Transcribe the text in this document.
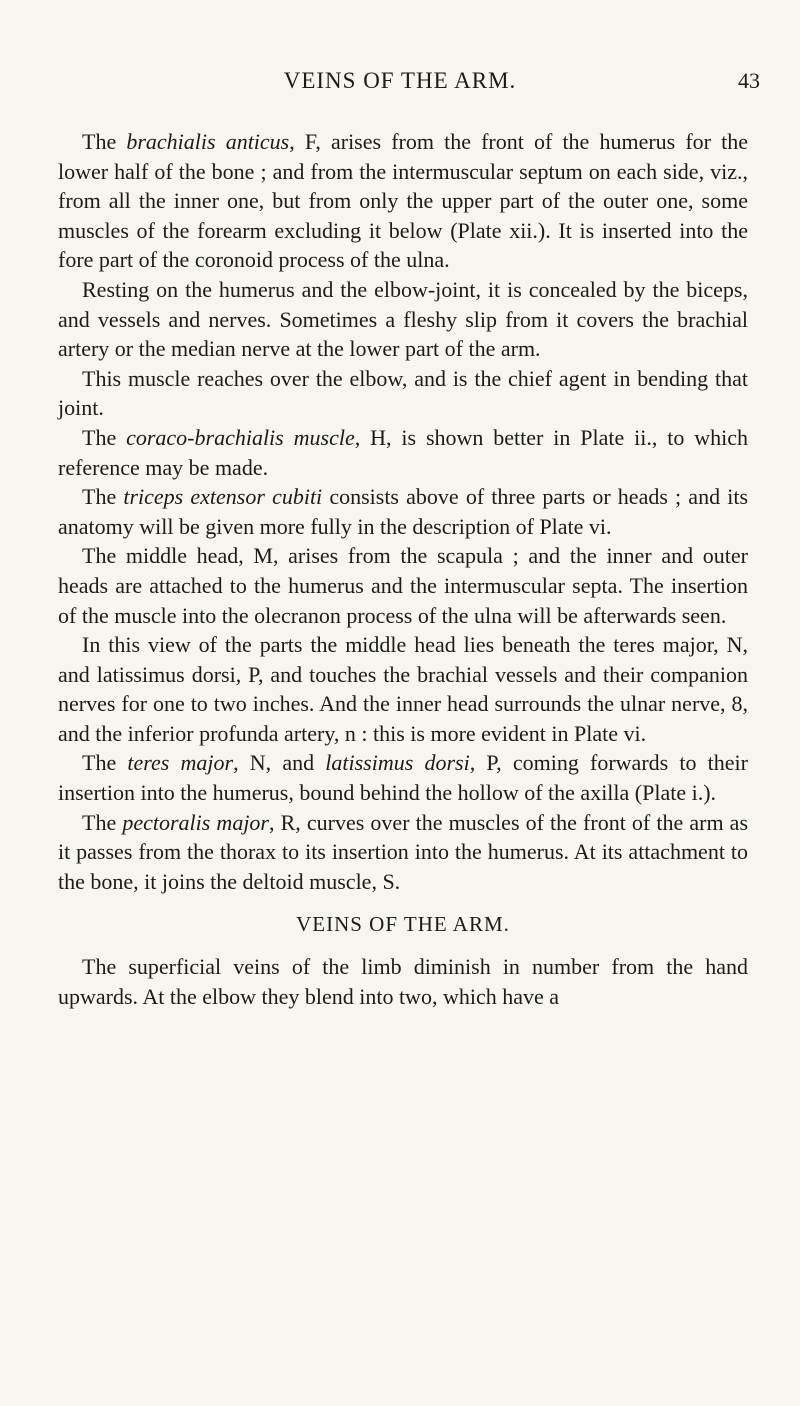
VEINS OF THE ARM.	43

The brachialis anticus, F, arises from the front of the humerus for the lower half of the bone ; and from the intermuscular septum on each side, viz., from all the inner one, but from only the upper part of the outer one, some muscles of the forearm excluding it below (Plate xii.). It is inserted into the fore part of the coronoid process of the ulna.

Resting on the humerus and the elbow-joint, it is concealed by the biceps, and vessels and nerves. Sometimes a fleshy slip from it covers the brachial artery or the median nerve at the lower part of the arm.

This muscle reaches over the elbow, and is the chief agent in bending that joint.

The coraco-brachialis muscle, H, is shown better in Plate ii., to which reference may be made.

The triceps extensor cubiti consists above of three parts or heads ; and its anatomy will be given more fully in the description of Plate vi.

The middle head, M, arises from the scapula ; and the inner and outer heads are attached to the humerus and the intermuscular septa. The insertion of the muscle into the olecranon process of the ulna will be afterwards seen.

In this view of the parts the middle head lies beneath the teres major, N, and latissimus dorsi, P, and touches the brachial vessels and their companion nerves for one to two inches. And the inner head surrounds the ulnar nerve, 8, and the inferior profunda artery, n : this is more evident in Plate vi.

The teres major, N, and latissimus dorsi, P, coming forwards to their insertion into the humerus, bound behind the hollow of the axilla (Plate i.).

The pectoralis major, R, curves over the muscles of the front of the arm as it passes from the thorax to its insertion into the humerus. At its attachment to the bone, it joins the deltoid muscle, S.

VEINS OF THE ARM.

The superficial veins of the limb diminish in number from the hand upwards. At the elbow they blend into two, which have a
